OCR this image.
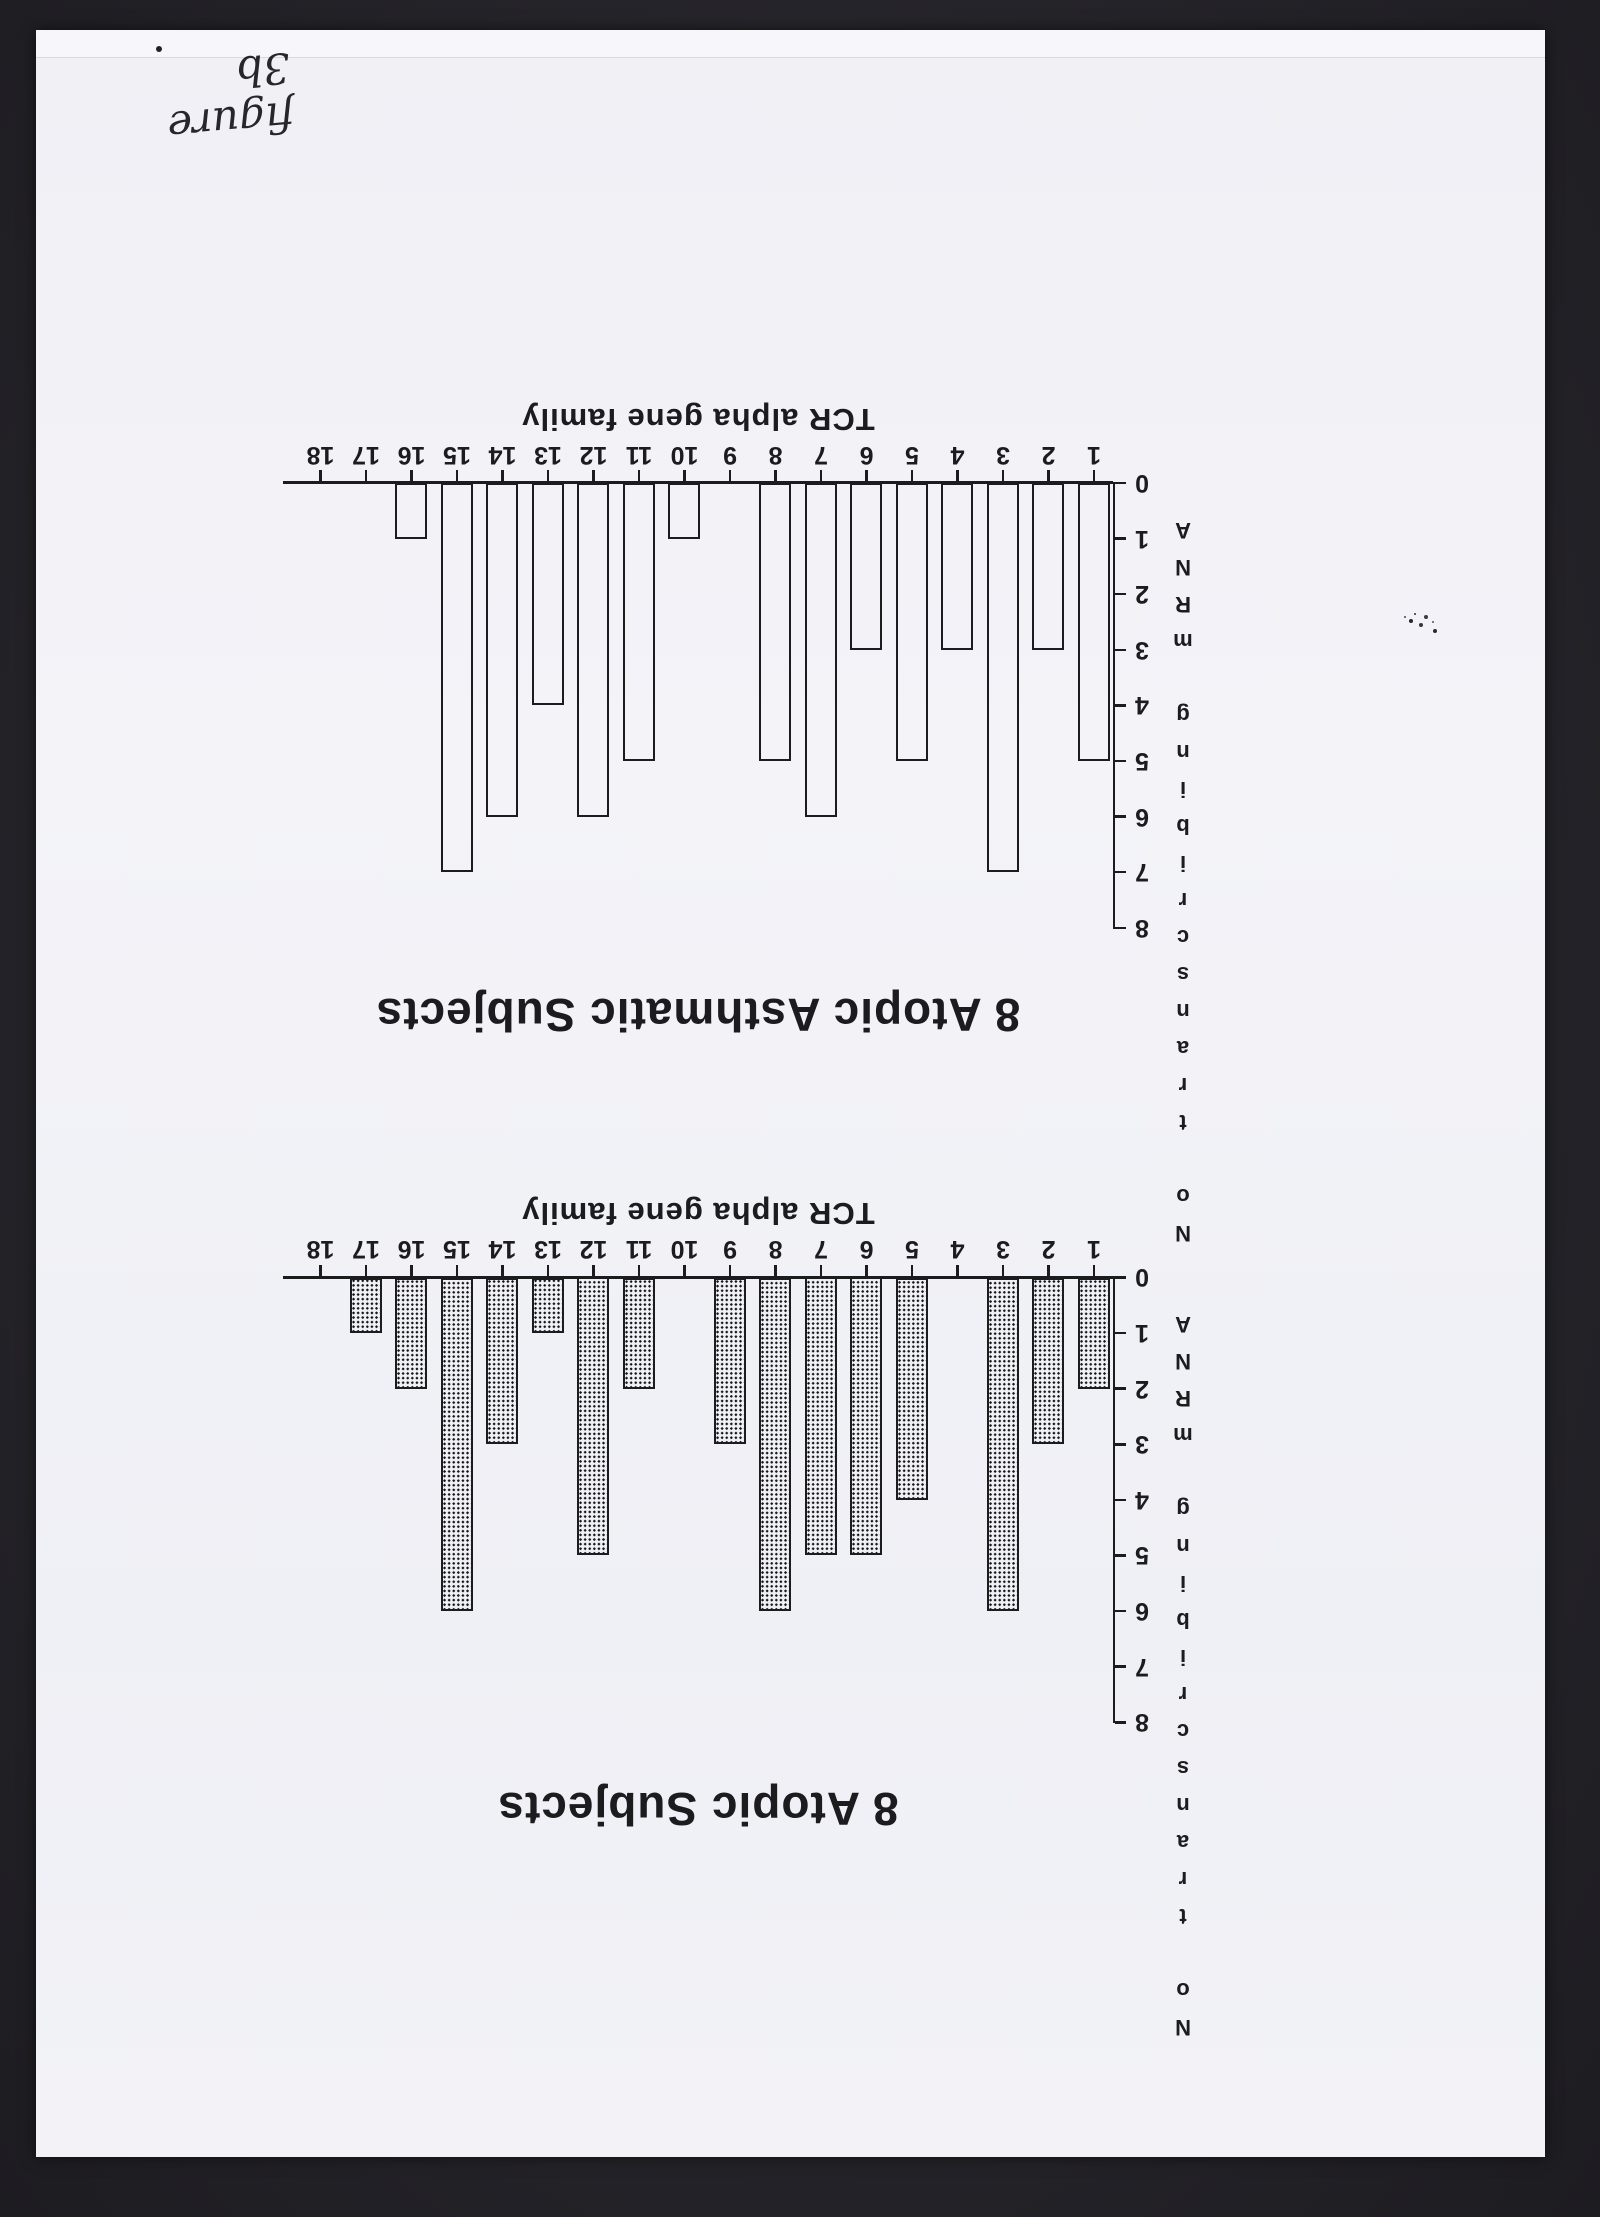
8 Atopic Asthmatic Subjects
0
1
2
3
4
5
6
7
8
N
o
t
r
a
n
s
c
r
i
b
i
n
g
m
R
N
A
1
2
3
4
5
6
7
8
9
10
11
12
13
14
15
16
17
18
TCR alpha gene family
8 Atopic Subjects
0
1
2
3
4
5
6
7
8
N
o
t
r
a
n
s
c
r
i
b
i
n
g
m
R
N
A
1
2
3
4
5
6
7
8
9
10
11
12
13
14
15
16
17
18
TCR alpha gene family
figure 3b
